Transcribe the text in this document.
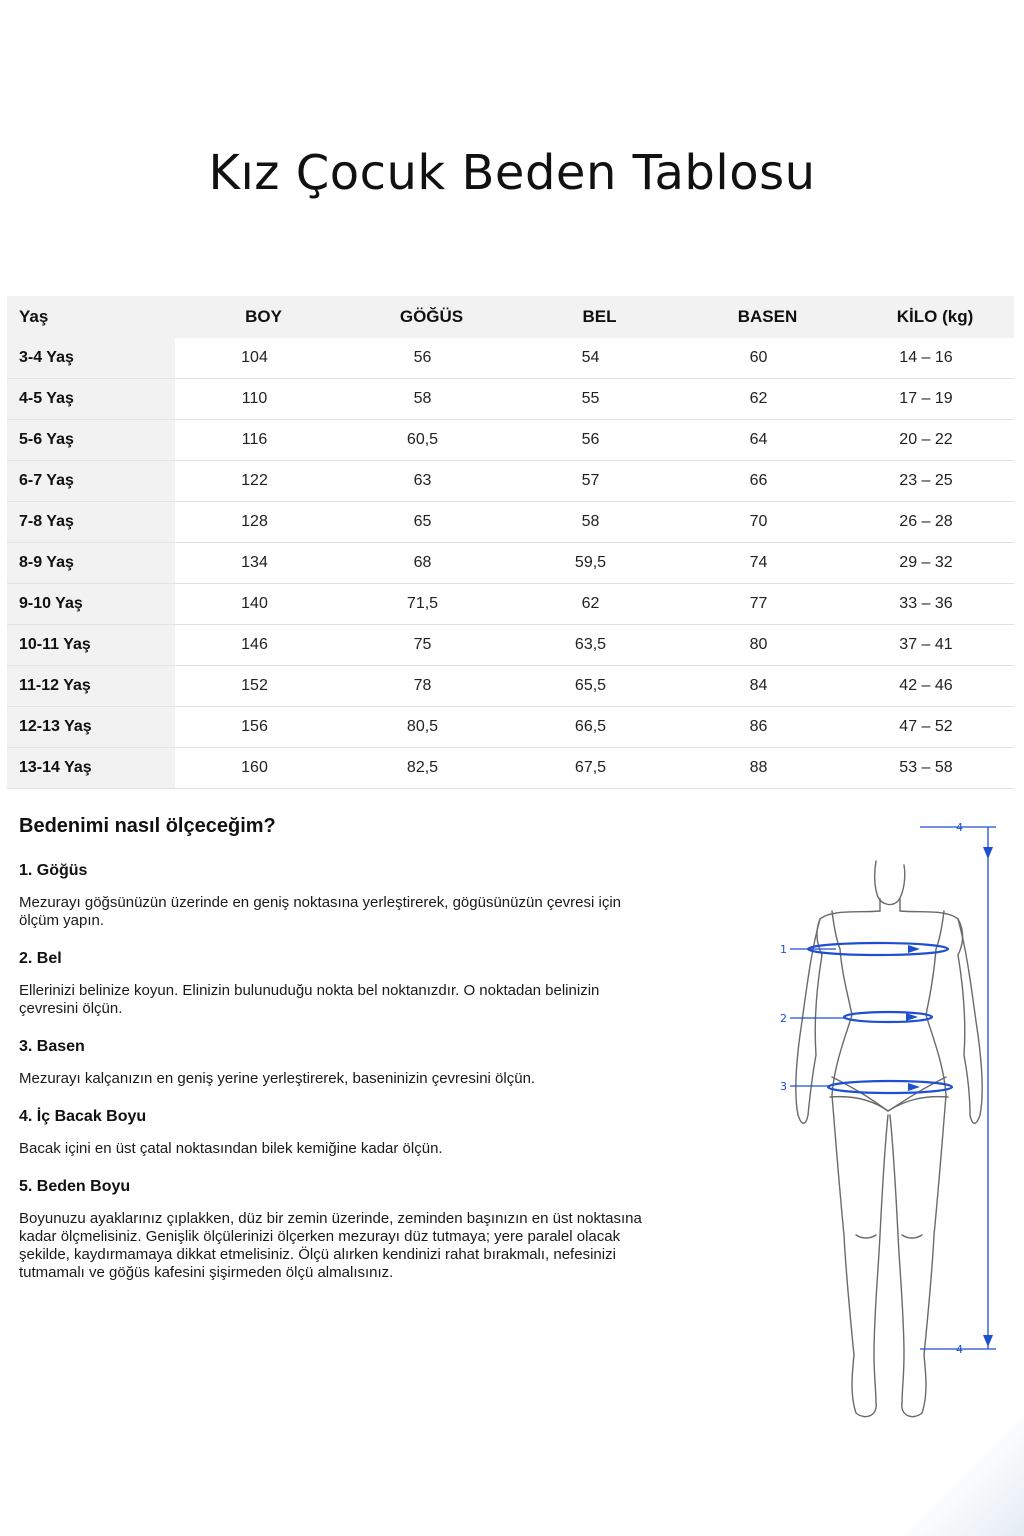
Kız Çocuk Beden Tablosu
Yaş	BOY	GÖĞÜS	BEL	BASEN	KİLO (kg)
3-4 Yaş	104	56	54	60	14 – 16
4-5 Yaş	110	58	55	62	17 – 19
5-6 Yaş	116	60,5	56	64	20 – 22
6-7 Yaş	122	63	57	66	23 – 25
7-8 Yaş	128	65	58	70	26 – 28
8-9 Yaş	134	68	59,5	74	29 – 32
9-10 Yaş	140	71,5	62	77	33 – 36
10-11 Yaş	146	75	63,5	80	37 – 41
11-12 Yaş	152	78	65,5	84	42 – 46
12-13 Yaş	156	80,5	66,5	86	47 – 52
13-14 Yaş	160	82,5	67,5	88	53 – 58
Bedenimi nasıl ölçeceğim?
1. Göğüs

Mezurayı göğsünüzün üzerinde en geniş noktasına yerleştirerek, gögüsünüzün çevresi için ölçüm yapın.

2. Bel

Ellerinizi belinize koyun. Elinizin bulunuduğu nokta bel noktanızdır. O noktadan belinizin çevresini ölçün.

3. Basen

Mezurayı kalçanızın en geniş yerine yerleştirerek, baseninizin çevresini ölçün.

4. İç Bacak Boyu

Bacak içini en üst çatal noktasından bilek kemiğine kadar ölçün.

5. Beden Boyu

Boyunuzu ayaklarınız çıplakken, düz bir zemin üzerinde, zeminden başınızın en üst noktasına kadar ölçmelisiniz. Genişlik ölçülerinizi ölçerken mezurayı düz tutmaya; yere paralel olacak şekilde, kaydırmamaya dikkat etmelisiniz. Ölçü alırken kendinizi rahat bırakmalı, nefesinizi tutmamalı ve göğüs kafesini şişirmeden ölçü almalısınız.

1
2
3
4
4
